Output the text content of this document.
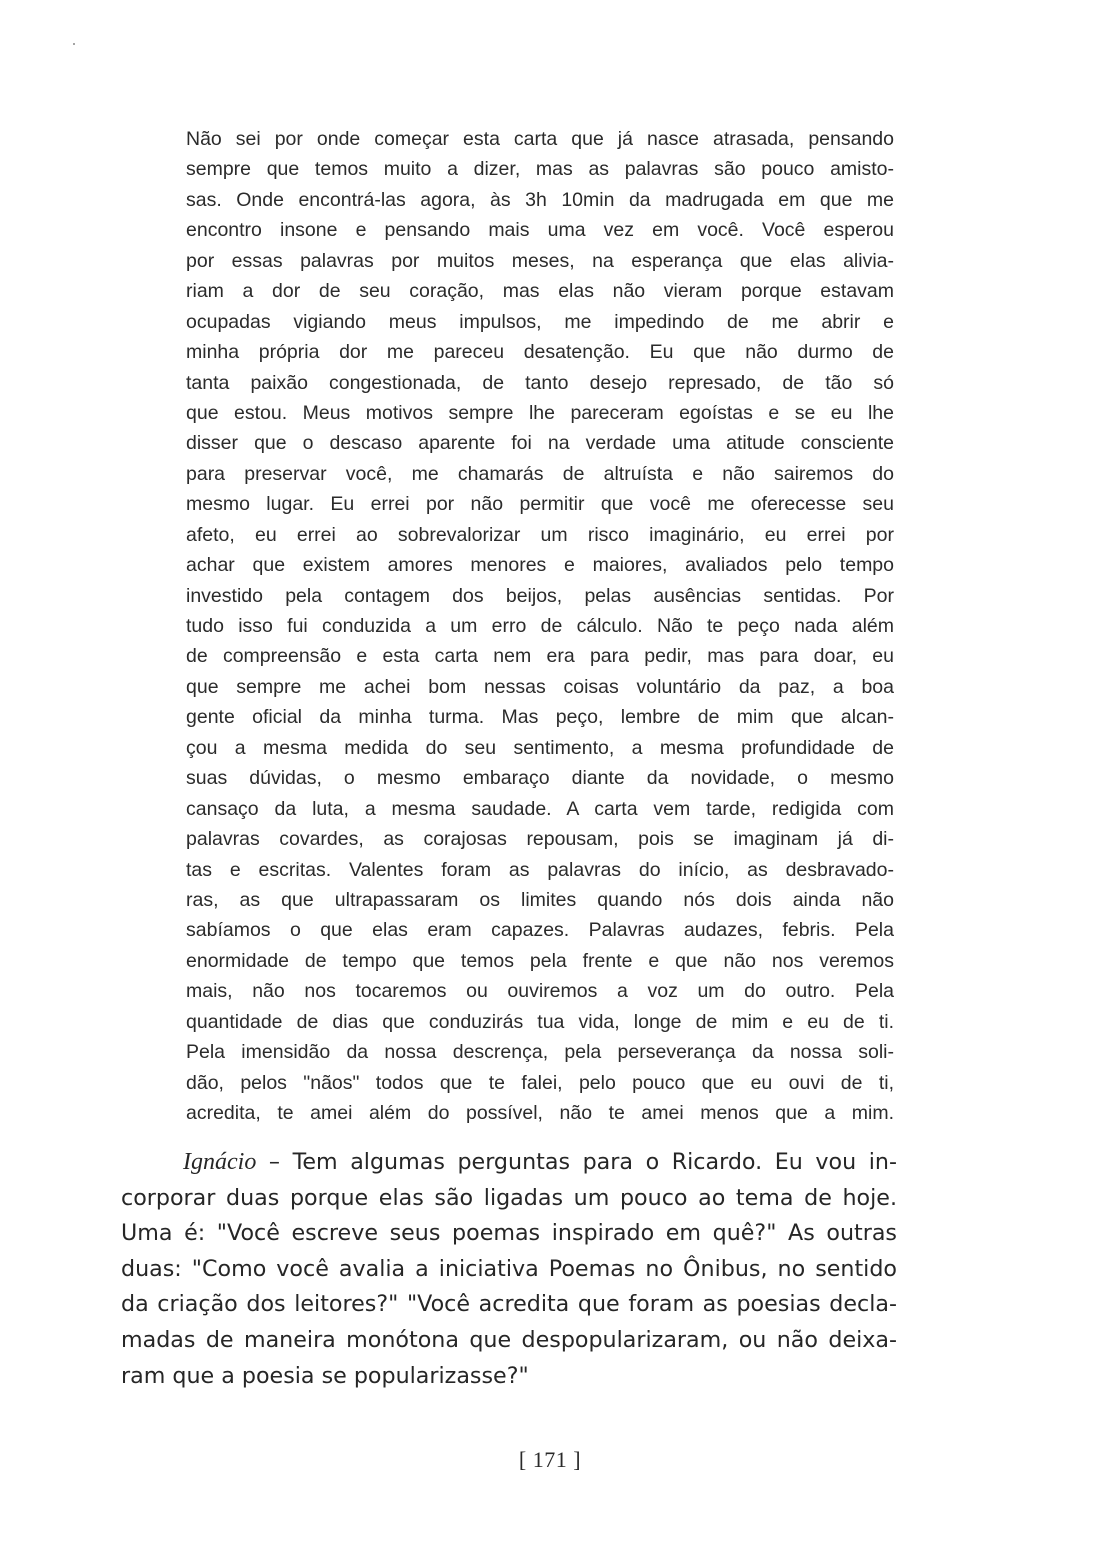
Não sei por onde começar esta carta que já nasce atrasada, pensando
sempre que temos muito a dizer, mas as palavras são pouco amisto-
sas. Onde encontrá-las agora, às 3h 10min da madrugada em que me
encontro insone e pensando mais uma vez em você. Você esperou
por essas palavras por muitos meses, na esperança que elas alivia-
riam a dor de seu coração, mas elas não vieram porque estavam
ocupadas vigiando meus impulsos, me impedindo de me abrir e
minha própria dor me pareceu desatenção. Eu que não durmo de
tanta paixão congestionada, de tanto desejo represado, de tão só
que estou. Meus motivos sempre lhe pareceram egoístas e se eu lhe
disser que o descaso aparente foi na verdade uma atitude consciente
para preservar você, me chamarás de altruísta e não sairemos do
mesmo lugar. Eu errei por não permitir que você me oferecesse seu
afeto, eu errei ao sobrevalorizar um risco imaginário, eu errei por
achar que existem amores menores e maiores, avaliados pelo tempo
investido pela contagem dos beijos, pelas ausências sentidas. Por
tudo isso fui conduzida a um erro de cálculo. Não te peço nada além
de compreensão e esta carta nem era para pedir, mas para doar, eu
que sempre me achei bom nessas coisas voluntário da paz, a boa
gente oficial da minha turma. Mas peço, lembre de mim que alcan-
çou a mesma medida do seu sentimento, a mesma profundidade de
suas dúvidas, o mesmo embaraço diante da novidade, o mesmo
cansaço da luta, a mesma saudade. A carta vem tarde, redigida com
palavras covardes, as corajosas repousam, pois se imaginam já di-
tas e escritas. Valentes foram as palavras do início, as desbravado-
ras, as que ultrapassaram os limites quando nós dois ainda não
sabíamos o que elas eram capazes. Palavras audazes, febris. Pela
enormidade de tempo que temos pela frente e que não nos veremos
mais, não nos tocaremos ou ouviremos a voz um do outro. Pela
quantidade de dias que conduzirás tua vida, longe de mim e eu de ti.
Pela imensidão da nossa descrença, pela perseverança da nossa soli-
dão, pelos "nãos" todos que te falei, pelo pouco que eu ouvi de ti,
acredita, te amei além do possível, não te amei menos que a mim.
Ignácio – Tem algumas perguntas para o Ricardo. Eu vou in-
corporar duas porque elas são ligadas um pouco ao tema de hoje.
Uma é: "Você escreve seus poemas inspirado em quê?" As outras
duas: "Como você avalia a iniciativa Poemas no Ônibus, no sentido
da criação dos leitores?" "Você acredita que foram as poesias decla-
madas de maneira monótona que despopularizaram, ou não deixa-
ram que a poesia se popularizasse?"
[ 171 ]
